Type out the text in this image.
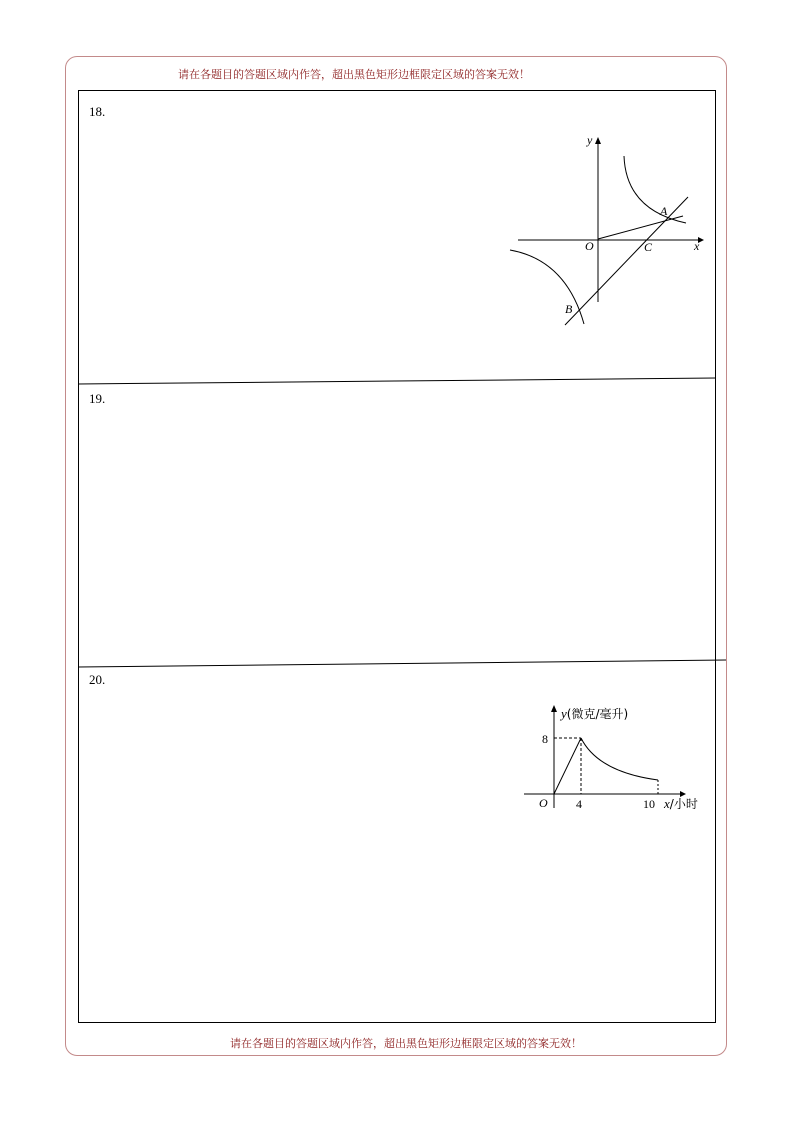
请在各题目的答题区域内作答，超出黑色矩形边框限定区域的答案无效！
18.
19.
20.
y
x
O
A
C
B
y(微克/毫升)
8
O 4	10 x/小时
请在各题目的答题区域内作答，超出黑色矩形边框限定区域的答案无效！
